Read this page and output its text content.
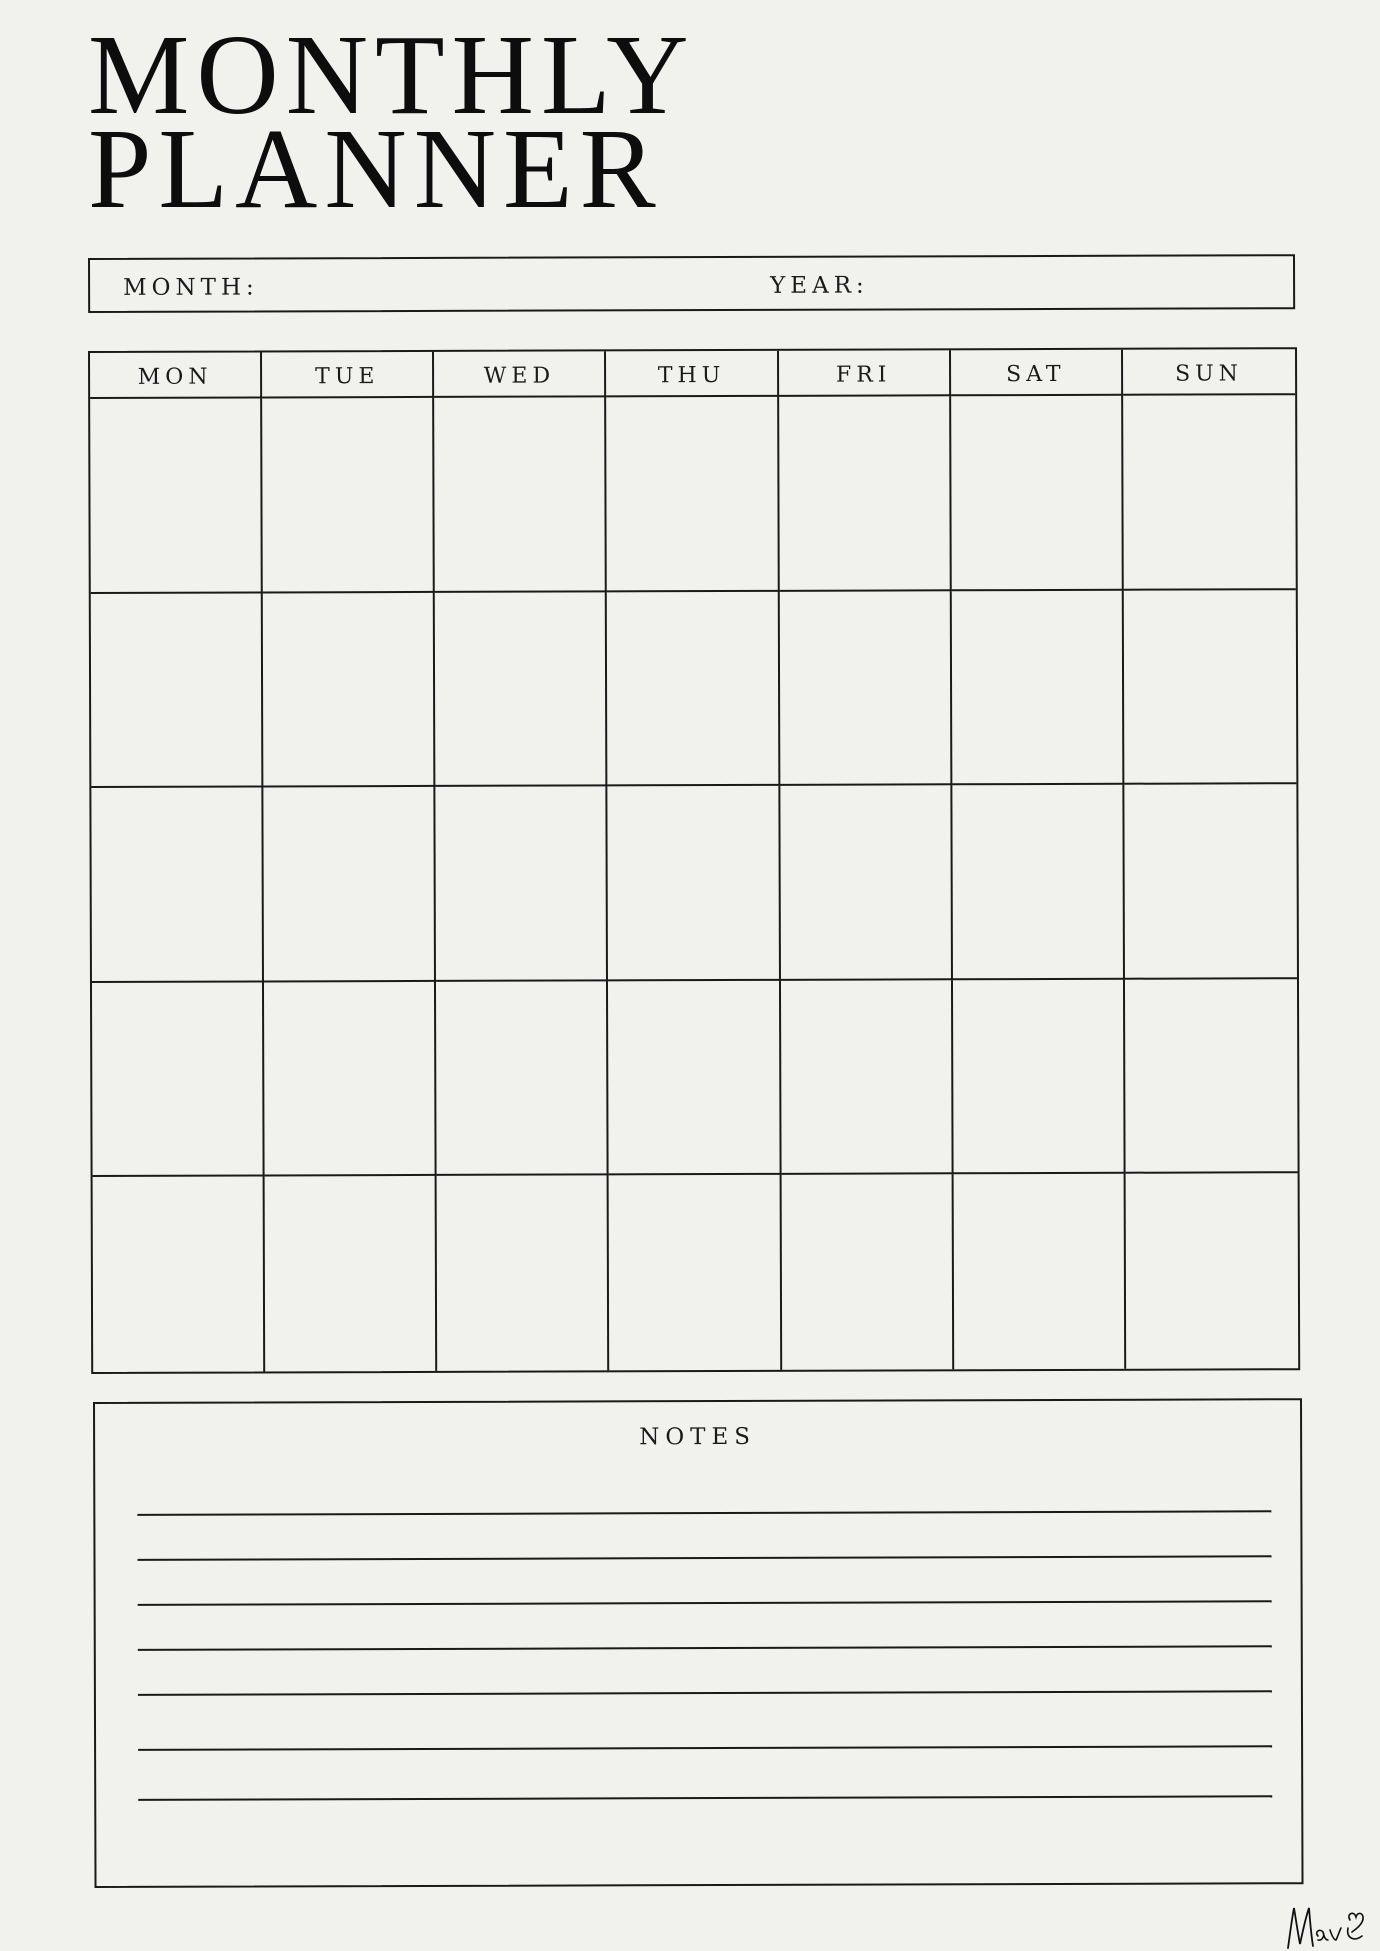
MONTHLY
PLANNER
MONTH:	YEAR:
MON	TUE	WED	THU	FRI	SAT	SUN
NOTES
